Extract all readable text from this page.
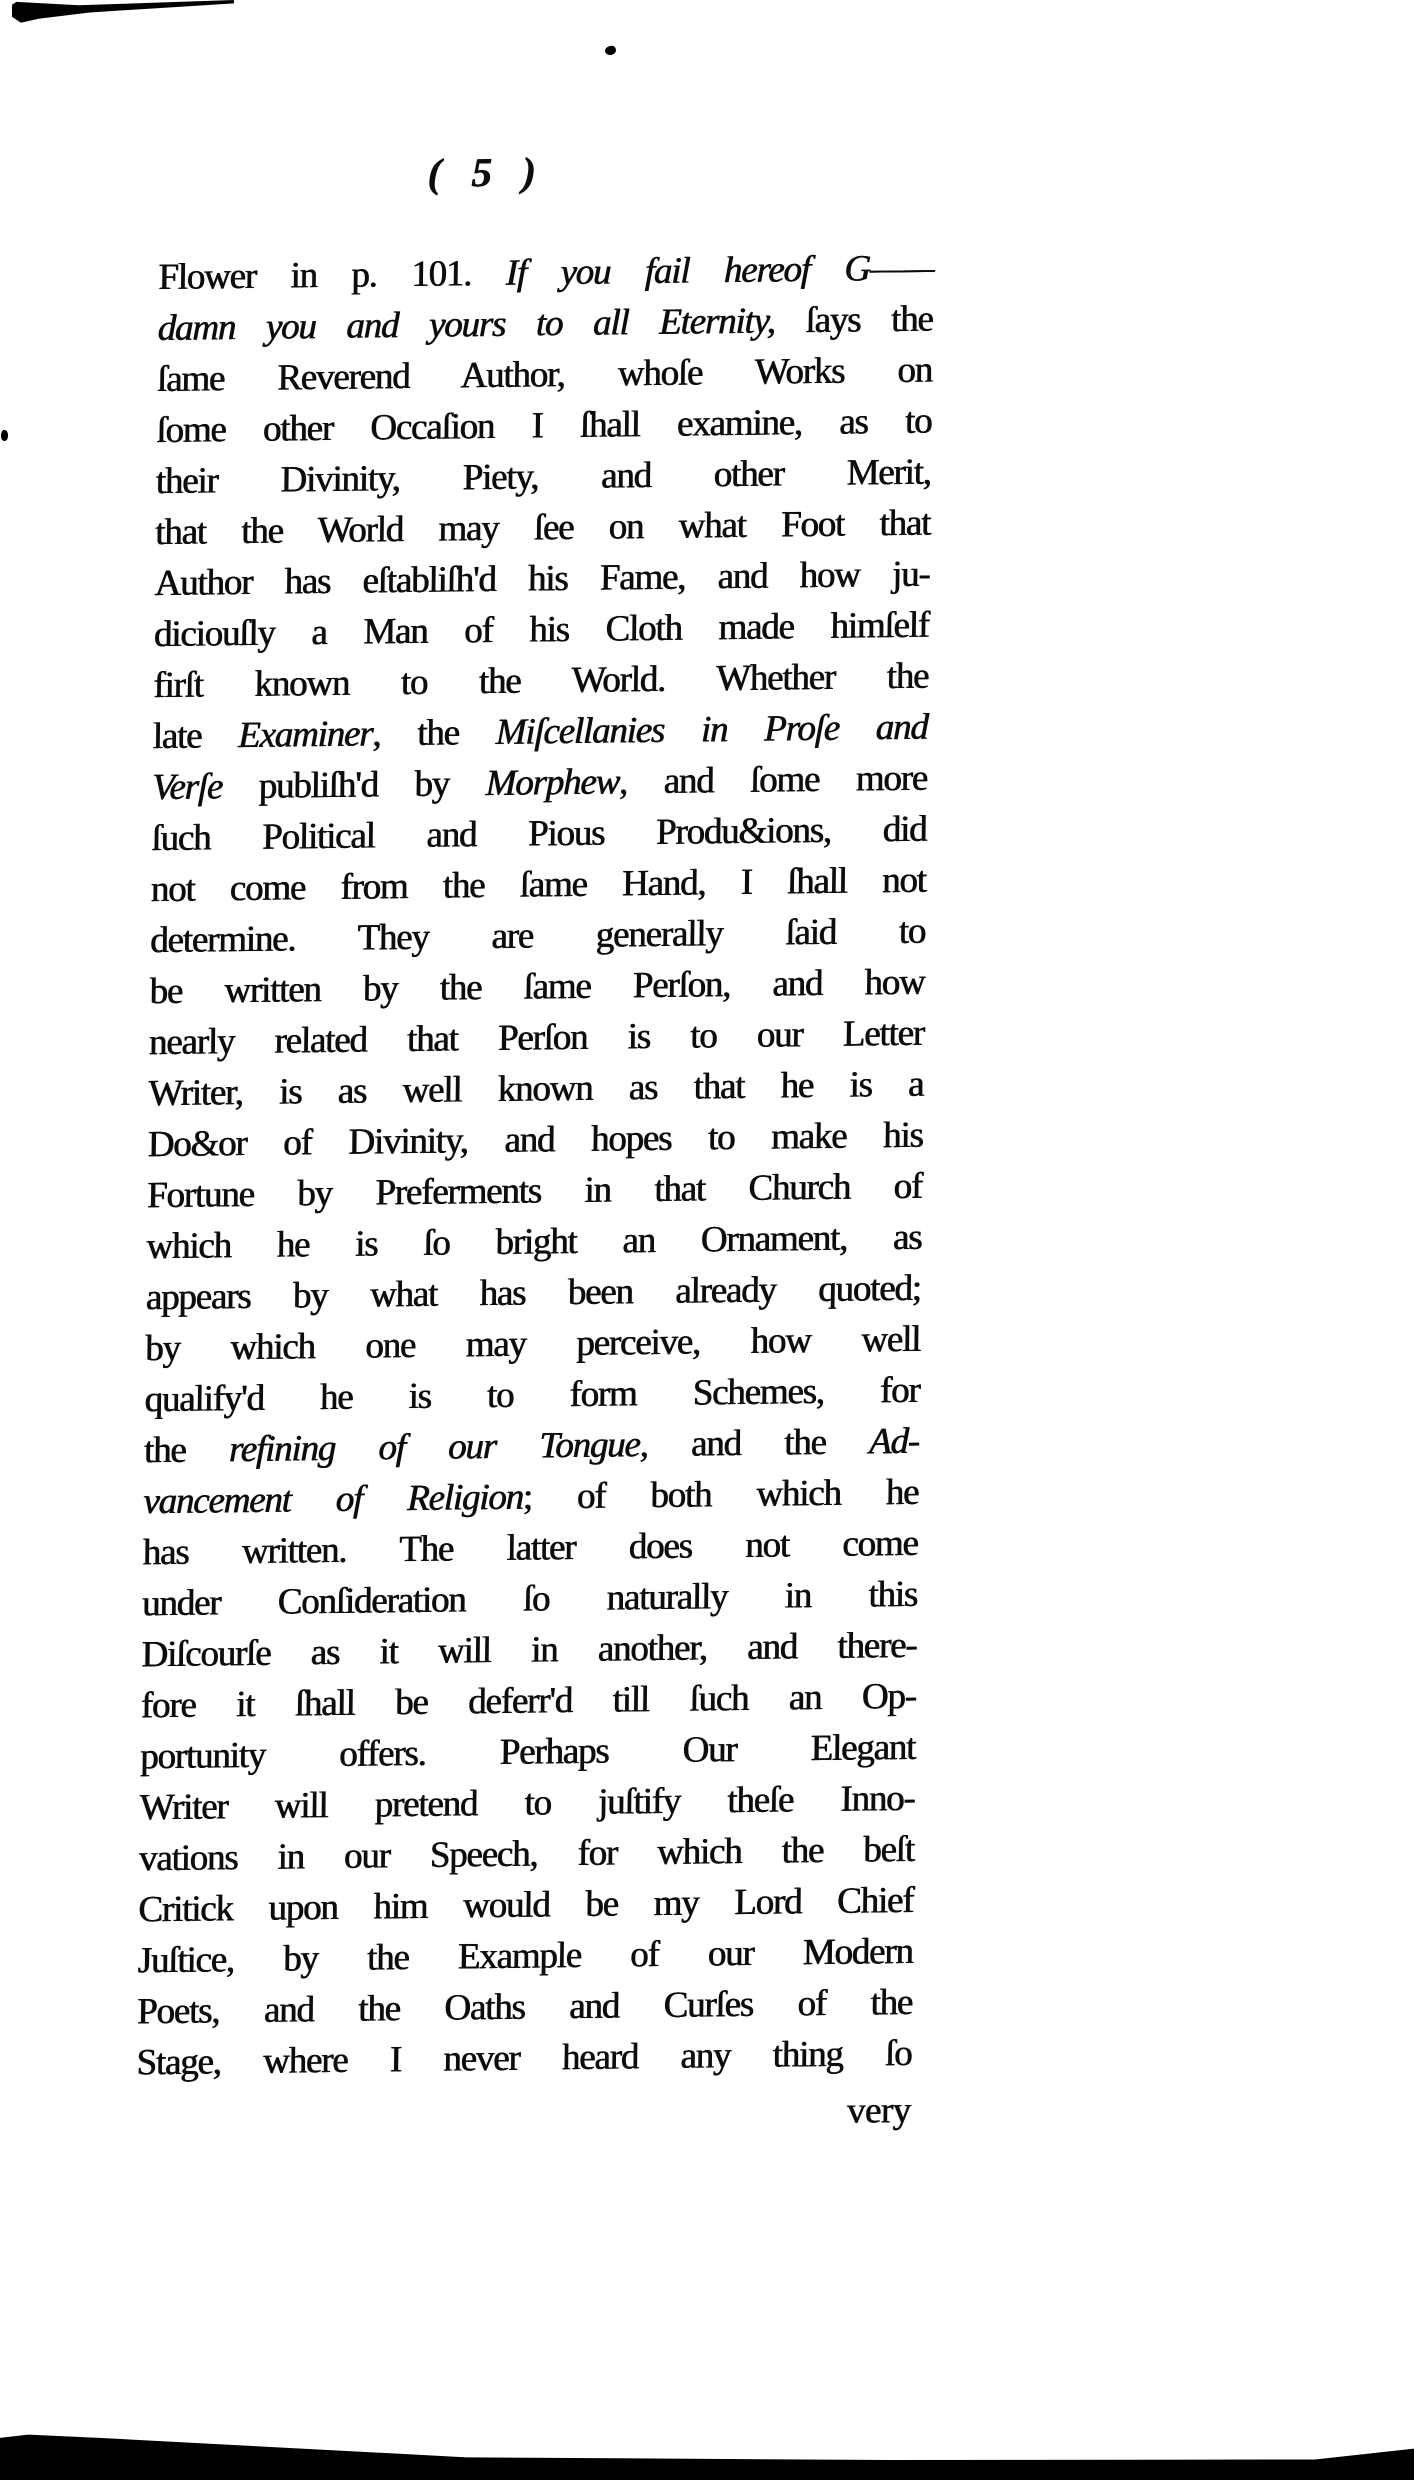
( 5 )
Flower in p. 101. If you fail hereof G——
damn you and yours to all Eternity, ſays the
ſame Reverend Author, whoſe Works on
ſome other Occaſion I ſhall examine, as to
their Divinity, Piety, and other Merit,
that the World may ſee on what Foot that
Author has eſtabliſh'd his Fame, and how ju-
diciouſly a Man of his Cloth made himſelf
firſt known to the World. Whether the
late Examiner, the Miſcellanies in Proſe and
Verſe publiſh'd by Morphew, and ſome more
ſuch Political and Pious Produ&ions, did
not come from the ſame Hand, I ſhall not
determine. They are generally ſaid to
be written by the ſame Perſon, and how
nearly related that Perſon is to our Letter
Writer, is as well known as that he is a
Do&or of Divinity, and hopes to make his
Fortune by Preferments in that Church of
which he is ſo bright an Ornament, as
appears by what has been already quoted;
by which one may perceive, how well
qualify'd he is to form Schemes, for
the refining of our Tongue, and the Ad-
vancement of Religion; of both which he
has written. The latter does not come
under Conſideration ſo naturally in this
Diſcourſe as it will in another, and there-
fore it ſhall be deferr'd till ſuch an Op-
portunity offers. Perhaps Our Elegant
Writer will pretend to juſtify theſe Inno-
vations in our Speech, for which the beſt
Critick upon him would be my Lord Chief
Juſtice, by the Example of our Modern
Poets, and the Oaths and Curſes of the
Stage, where I never heard any thing ſo
very
